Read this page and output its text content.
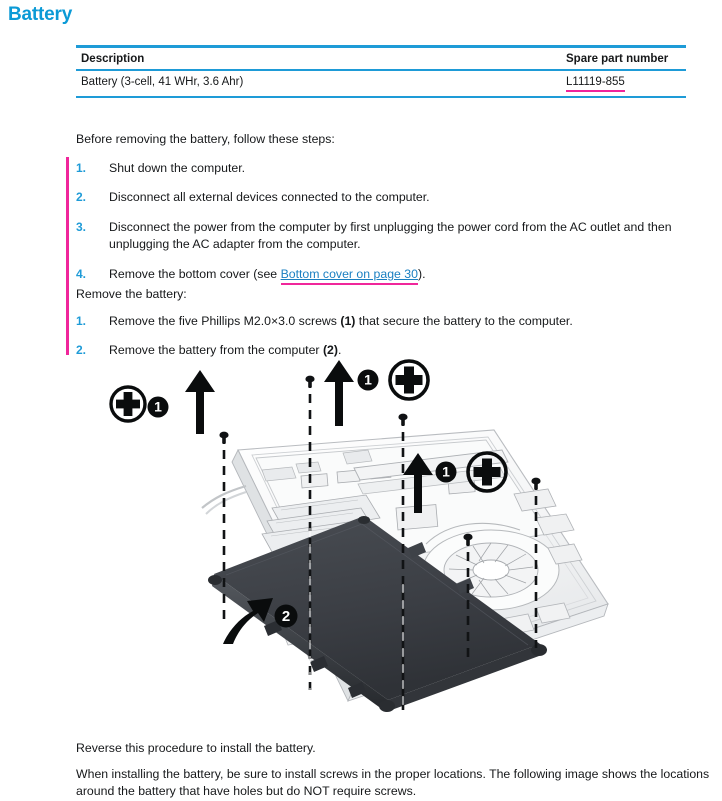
Battery
Description	Spare part number
Battery (3-cell, 41 WHr, 3.6 Ahr)	L11119-855
Before removing the battery, follow these steps:
1.	Shut down the computer.
2.	Disconnect all external devices connected to the computer.
3.	Disconnect the power from the computer by first unplugging the power cord from the AC outlet and then unplugging the AC adapter from the computer.
4.	Remove the bottom cover (see Bottom cover on page 30).
Remove the battery:
1.	Remove the five Phillips M2.0×3.0 screws (1) that secure the battery to the computer.
2.	Remove the battery from the computer (2).
1
1
1
2
Reverse this procedure to install the battery.
When installing the battery, be sure to install screws in the proper locations. The following image shows the locations around the battery that have holes but do NOT require screws.
